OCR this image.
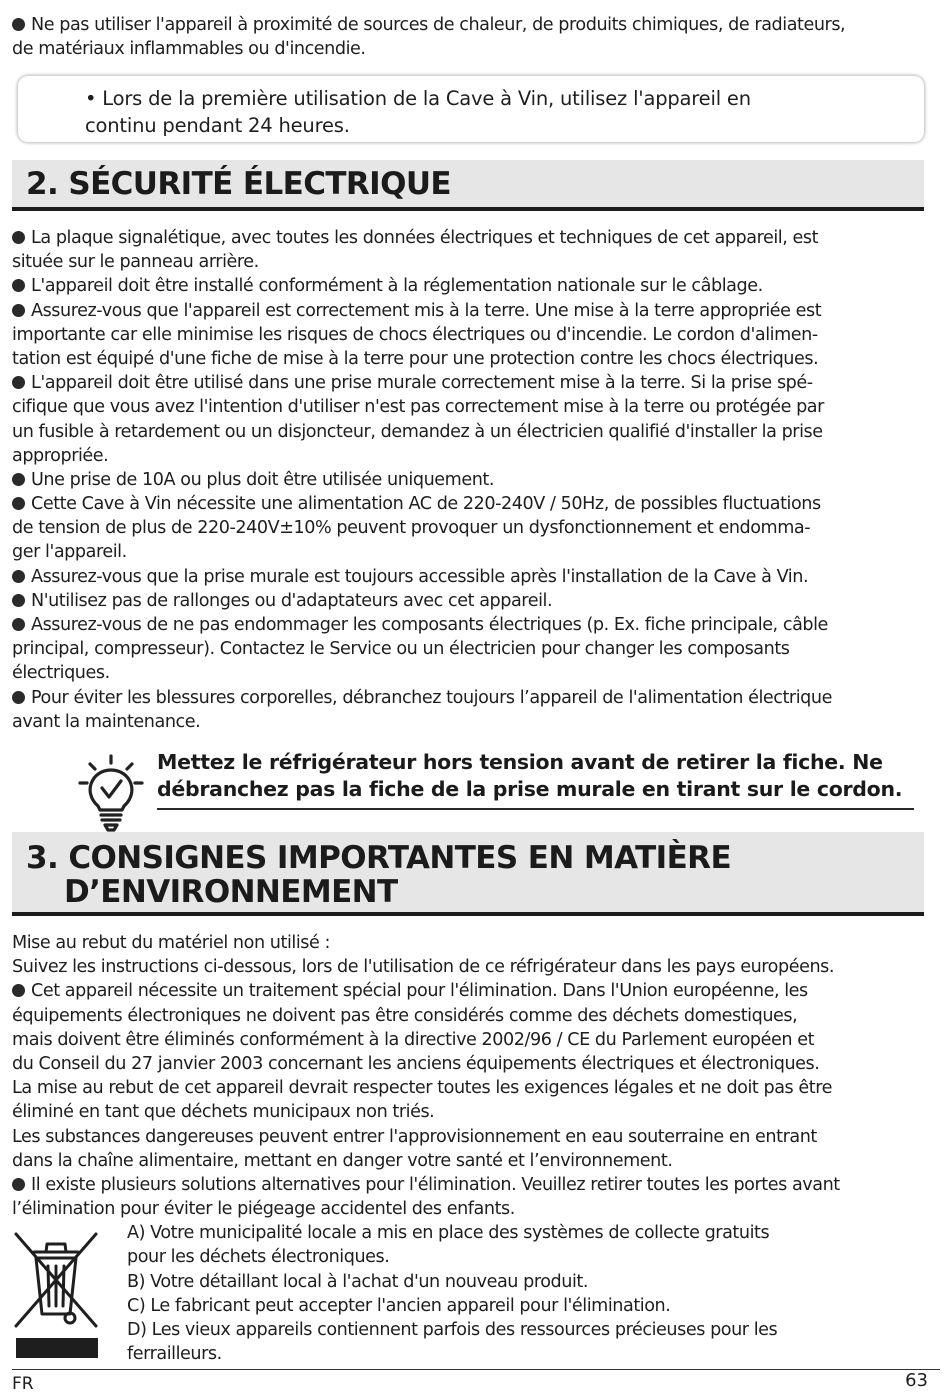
Ne pas utiliser l'appareil à proximité de sources de chaleur, de produits chimiques, de radiateurs,
de matériaux inflammables ou d'incendie.
• Lors de la première utilisation de la Cave à Vin, utilisez l'appareil en
continu pendant 24 heures.
2. SÉCURITÉ ÉLECTRIQUE
La plaque signalétique, avec toutes les données électriques et techniques de cet appareil, est
située sur le panneau arrière.
L'appareil doit être installé conformément à la réglementation nationale sur le câblage.
Assurez-vous que l'appareil est correctement mis à la terre. Une mise à la terre appropriée est
importante car elle minimise les risques de chocs électriques ou d'incendie. Le cordon d'alimen-
tation est équipé d'une fiche de mise à la terre pour une protection contre les chocs électriques.
L'appareil doit être utilisé dans une prise murale correctement mise à la terre. Si la prise spé-
cifique que vous avez l'intention d'utiliser n'est pas correctement mise à la terre ou protégée par
un fusible à retardement ou un disjoncteur, demandez à un électricien qualifié d'installer la prise
appropriée.
Une prise de 10A ou plus doit être utilisée uniquement.
Cette Cave à Vin nécessite une alimentation AC de 220-240V / 50Hz, de possibles fluctuations
de tension de plus de 220-240V±10% peuvent provoquer un dysfonctionnement et endommа-
ger l'appareil.
Assurez-vous que la prise murale est toujours accessible après l'installation de la Cave à Vin.
N'utilisez pas de rallonges ou d'adaptateurs avec cet appareil.
Assurez-vous de ne pas endommager les composants électriques (p. Ex. fiche principale, câble
principal, compresseur). Contactez le Service ou un électricien pour changer les composants
électriques.
Pour éviter les blessures corporelles, débranchez toujours l’appareil de l'alimentation électrique
avant la maintenance.
Mettez le réfrigérateur hors tension avant de retirer la fiche. Ne
débranchez pas la fiche de la prise murale en tirant sur le cordon.
3. CONSIGNES IMPORTANTES EN MATIÈRE
D’ENVIRONNEMENT
Mise au rebut du matériel non utilisé :
Suivez les instructions ci-dessous, lors de l'utilisation de ce réfrigérateur dans les pays européens.
Cet appareil nécessite un traitement spécial pour l'élimination. Dans l'Union européenne, les
équipements électroniques ne doivent pas être considérés comme des déchets domestiques,
mais doivent être éliminés conformément à la directive 2002/96 / CE du Parlement européen et
du Conseil du 27 janvier 2003 concernant les anciens équipements électriques et électroniques.
La mise au rebut de cet appareil devrait respecter toutes les exigences légales et ne doit pas être
éliminé en tant que déchets municipaux non triés.
Les substances dangereuses peuvent entrer l'approvisionnement en eau souterraine en entrant
dans la chaîne alimentaire, mettant en danger votre santé et l’environnement.
Il existe plusieurs solutions alternatives pour l'élimination. Veuillez retirer toutes les portes avant
l’élimination pour éviter le piégeage accidentel des enfants.
A) Votre municipalité locale a mis en place des systèmes de collecte gratuits
pour les déchets électroniques.
B) Votre détaillant local à l'achat d'un nouveau produit.
C) Le fabricant peut accepter l'ancien appareil pour l'élimination.
D) Les vieux appareils contiennent parfois des ressources précieuses pour les
ferrailleurs.
FR	63
